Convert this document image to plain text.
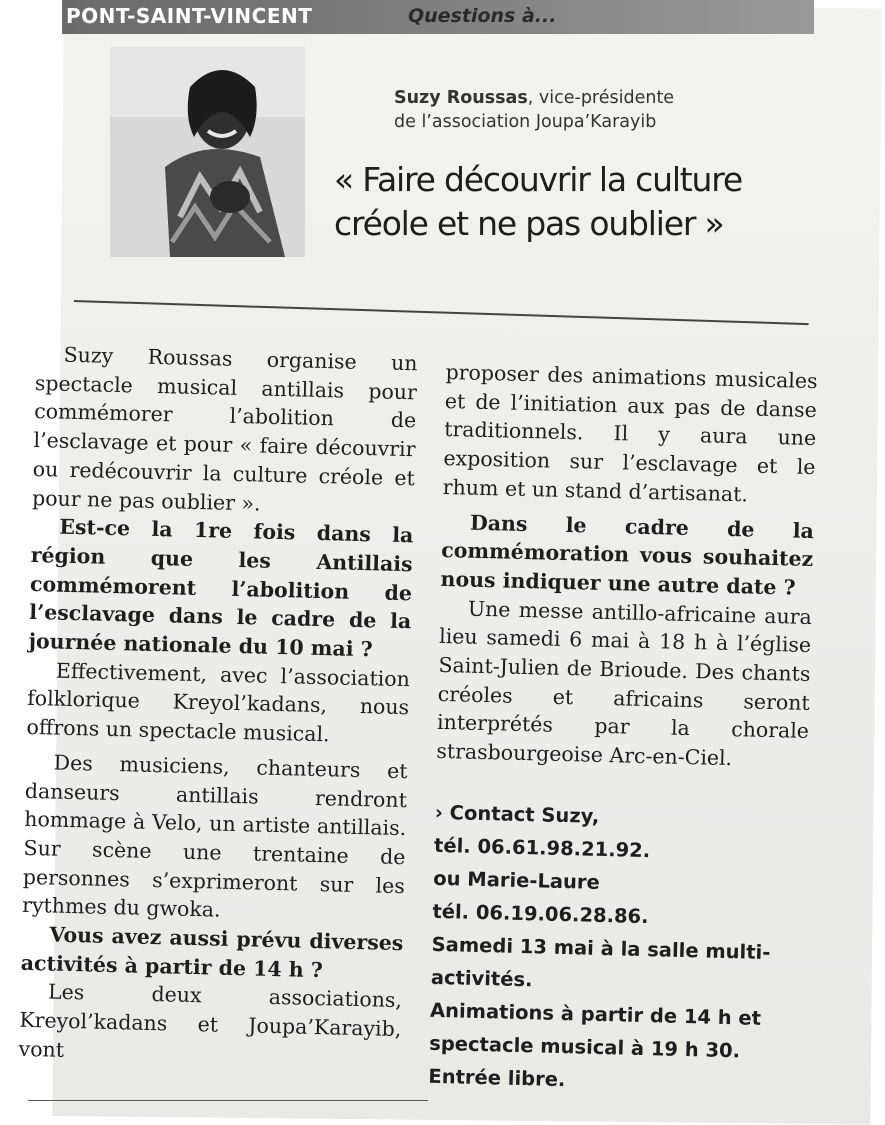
PONT-SAINT-VINCENT	Questions à...
Suzy Roussas, vice-présidente
de l’association Joupa’Karayib
« Faire découvrir la culture
créole et ne pas oublier »

Suzy Roussas organise un spectacle musical antillais pour commémorer l’abolition de l’esclavage et pour « faire découvrir ou redécouvrir la culture créole et pour ne pas oublier ».

Est-ce la 1re fois dans la région que les Antillais commémorent l’abolition de l’esclavage dans le cadre de la journée nationale du 10 mai ?

Effectivement, avec l’association folklorique Kreyol’kadans, nous offrons un spectacle musical.

Des musiciens, chanteurs et danseurs antillais rendront hommage à Velo, un artiste antillais. Sur scène une trentaine de personnes s’exprimeront sur les rythmes du gwoka.

Vous avez aussi prévu diverses activités à partir de 14 h ?

Les deux associations, Kreyol’kadans et Joupa’Karayib, vont

proposer des animations musicales et de l’initiation aux pas de danse traditionnels. Il y aura une exposition sur l’esclavage et le rhum et un stand d’artisanat.

Dans le cadre de la commémoration vous souhaitez nous indiquer une autre date ?

Une messe antillo-africaine aura lieu samedi 6 mai à 18 h à l’église Saint-Julien de Brioude. Des chants créoles et africains seront interprétés par la chorale strasbourgeoise Arc-en-Ciel.

› Contact Suzy,
tél. 06.61.98.21.92.
ou Marie-Laure
tél. 06.19.06.28.86.
Samedi 13 mai à la salle multi-
activités.
Animations à partir de 14 h et
spectacle musical à 19 h 30.
Entrée libre.
